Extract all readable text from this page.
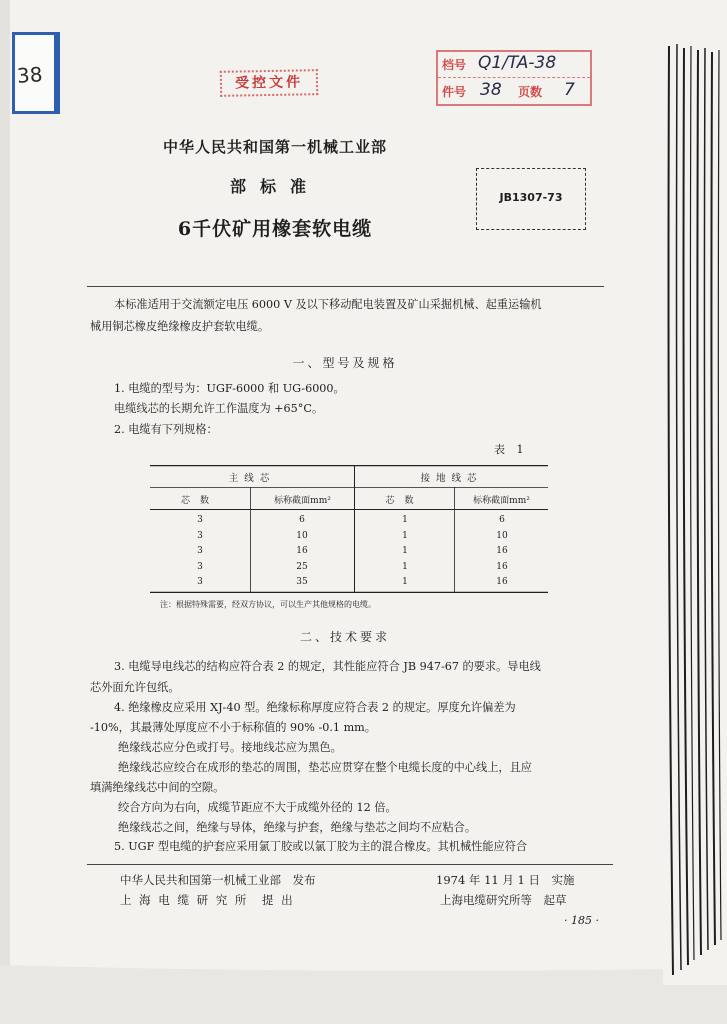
38	受控文件
档号 Q1/TA-38
件号 38 页数 7
中华人民共和国第一机械工业部
部标准
6千伏矿用橡套软电缆
JB1307-73
本标准适用于交流额定电压 6000 V 及以下移动配电装置及矿山采掘机械、起重运输机
械用铜芯橡皮绝缘橡皮护套软电缆。
一、型号及规格
1. 电缆的型号为：UGF-6000 和 UG-6000。
电缆线芯的长期允许工作温度为 +65°C。
2. 电缆有下列规格：
表 1
主线芯	接地线芯
芯数	标称截面mm²	芯数	标称截面mm²
3	6	1	6
3	10	1	10
3	16	1	16
3	25	1	16
3	35	1	16
注：根据特殊需要，经双方协议，可以生产其他规格的电缆。
二、技术要求
3. 电缆导电线芯的结构应符合表 2 的规定，其性能应符合 JB 947-67 的要求。导电线
芯外面允许包纸。
4. 绝缘橡皮应采用 XJ-40 型。绝缘标称厚度应符合表 2 的规定。厚度允许偏差为
-10%，其最薄处厚度应不小于标称值的 90% -0.1 mm。
绝缘线芯应分色或打号。接地线芯应为黑色。
绝缘线芯应绞合在成形的垫芯的周围，垫芯应贯穿在整个电缆长度的中心线上，且应
填满绝缘线芯中间的空隙。
绞合方向为右向，成缆节距应不大于成缆外径的 12 倍。
绝缘线芯之间，绝缘与导体，绝缘与护套，绝缘与垫芯之间均不应粘合。
5. UGF 型电缆的护套应采用氯丁胶或以氯丁胶为主的混合橡皮。其机械性能应符合
中华人民共和国第一机械工业部　发布
上 海 电 缆 研 究 所　提 出
1974 年 11 月 1 日　实施
上海电缆研究所等　起草
· 185 ·
